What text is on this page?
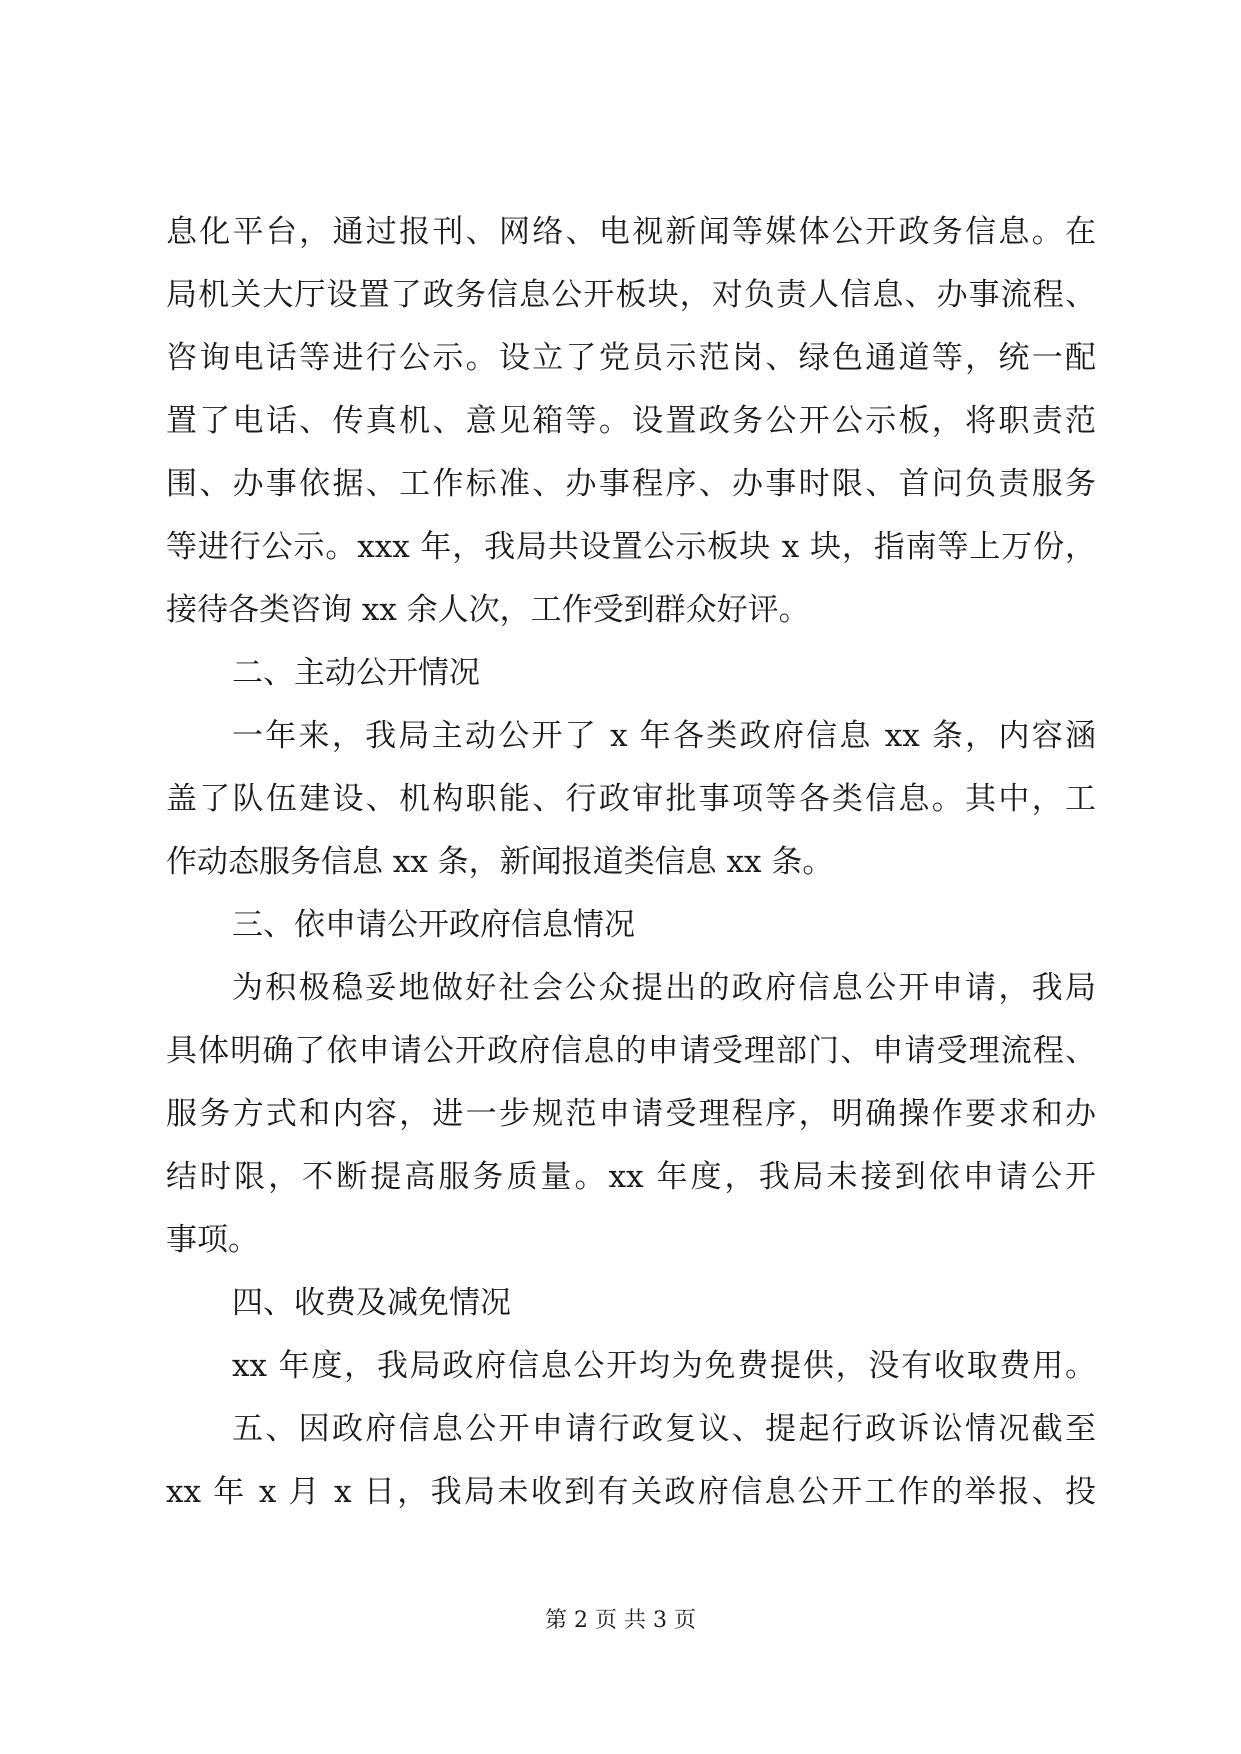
息化平台，通过报刊、网络、电视新闻等媒体公开政务信息。在
局机关大厅设置了政务信息公开板块，对负责人信息、办事流程、
咨询电话等进行公示。设立了党员示范岗、绿色通道等，统一配
置了电话、传真机、意见箱等。设置政务公开公示板，将职责范
围、办事依据、工作标准、办事程序、办事时限、首问负责服务
等进行公示。xxx 年，我局共设置公示板块 x 块，指南等上万份，
接待各类咨询 xx 余人次，工作受到群众好评。
二、主动公开情况
一年来，我局主动公开了 x 年各类政府信息 xx 条，内容涵
盖了队伍建设、机构职能、行政审批事项等各类信息。其中，工
作动态服务信息 xx 条，新闻报道类信息 xx 条。
三、依申请公开政府信息情况
为积极稳妥地做好社会公众提出的政府信息公开申请，我局
具体明确了依申请公开政府信息的申请受理部门、申请受理流程、
服务方式和内容，进一步规范申请受理程序，明确操作要求和办
结时限，不断提高服务质量。xx 年度，我局未接到依申请公开
事项。
四、收费及减免情况
xx 年度，我局政府信息公开均为免费提供，没有收取费用。
五、因政府信息公开申请行政复议、提起行政诉讼情况截至
xx 年 x 月 x 日，我局未收到有关政府信息公开工作的举报、投
第 2 页 共 3 页
